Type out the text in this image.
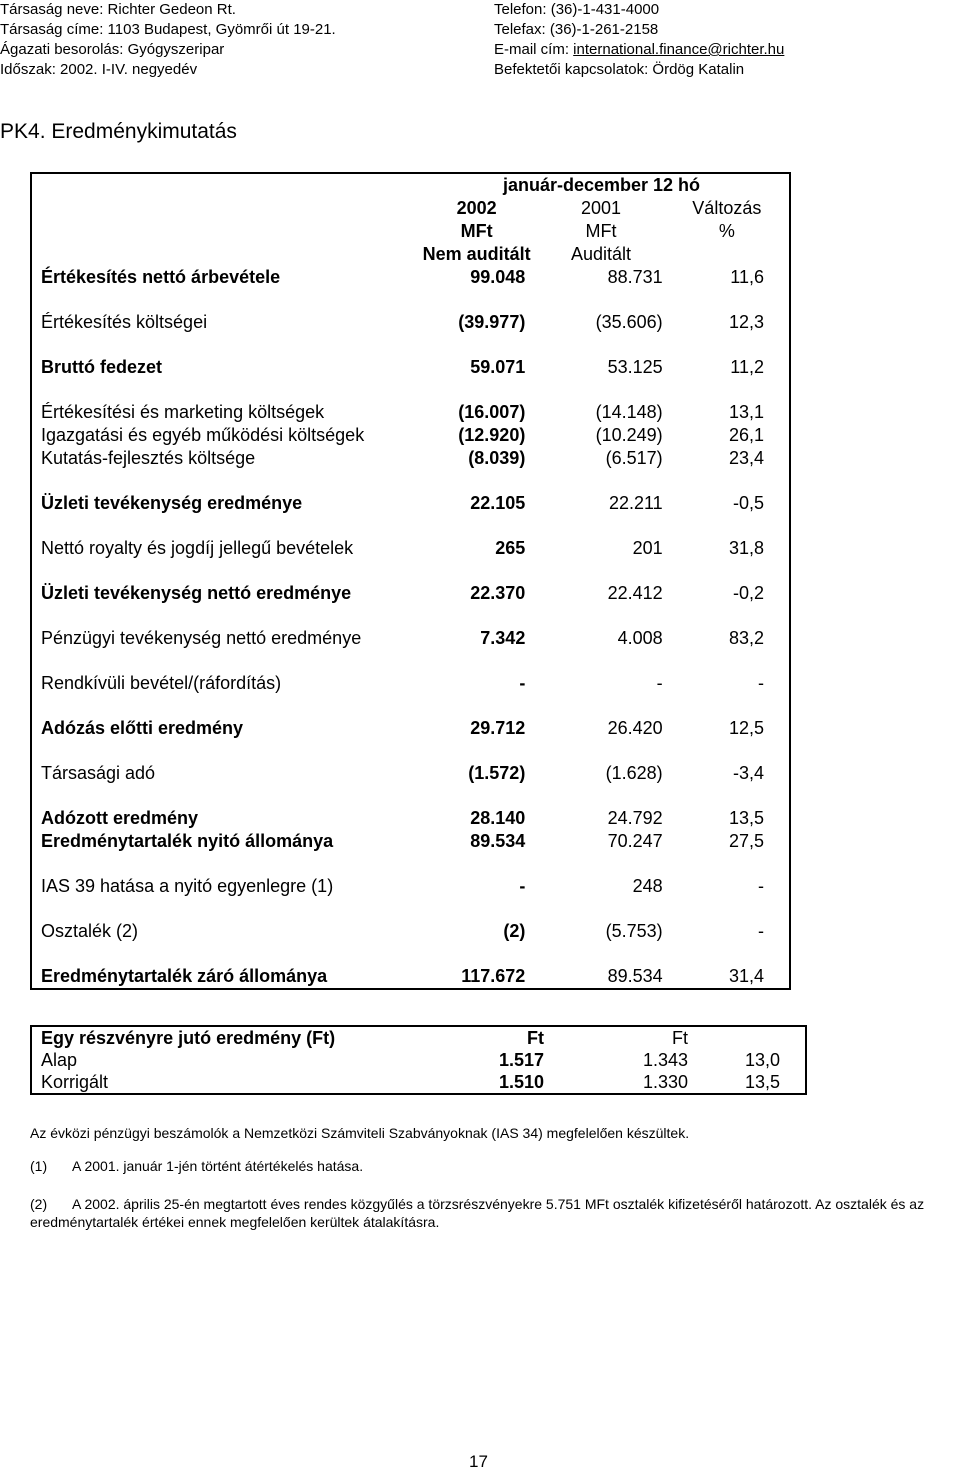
Társaság neve: Richter Gedeon Rt.
Társaság címe: 1103 Budapest, Gyömrői út 19-21.
Ágazati besorolás: Gyógyszeripar
Időszak: 2002. I-IV. negyedév
Telefon: (36)-1-431-4000
Telefax: (36)-1-261-2158
E-mail cím: international.finance@richter.hu
Befektetői kapcsolatok: Ördög Katalin
PK4. Eredménykimutatás
	január-december 12 hó		
	2002	2001	Változás
	MFt	MFt	%
	Nem auditált	Auditált	
Értékesítés nettó árbevétele	99.048	88.731	11,6

Értékesítés költségei	(39.977)	(35.606)	12,3

Bruttó fedezet	59.071	53.125	11,2

Értékesítési és marketing költségek	(16.007)	(14.148)	13,1
Igazgatási és egyéb működési költségek	(12.920)	(10.249)	26,1
Kutatás-fejlesztés költsége	(8.039)	(6.517)	23,4

Üzleti tevékenység eredménye	22.105	22.211	-0,5

Nettó royalty és jogdíj jellegű bevételek	265	201	31,8

Üzleti tevékenység nettó eredménye	22.370	22.412	-0,2

Pénzügyi tevékenység nettó eredménye	7.342	4.008	83,2

Rendkívüli bevétel/(ráfordítás)	-	-	-

Adózás előtti eredmény	29.712	26.420	12,5

Társasági adó	(1.572)	(1.628)	-3,4

Adózott eredmény	28.140	24.792	13,5
Eredménytartalék nyitó állománya	89.534	70.247	27,5

IAS 39 hatása a nyitó egyenlegre (1)	-	248	-

Osztalék (2)	(2)	(5.753)	-

Eredménytartalék záró állománya	117.672	89.534	31,4
Egy részvényre jutó eredmény (Ft)	Ft	Ft	
Alap	1.517	1.343	13,0
Korrigált	1.510	1.330	13,5
Az évközi pénzügyi beszámolók a Nemzetközi Számviteli Szabványoknak (IAS 34) megfelelően készültek.
(1) A 2001. január 1-jén történt átértékelés hatása.
(2) A 2002. április 25-én megtartott éves rendes közgyűlés a törzsrészvényekre 5.751 MFt osztalék kifizetéséről határozott. Az osztalék és az eredménytartalék értékei ennek megfelelően kerültek átalakításra.
17
